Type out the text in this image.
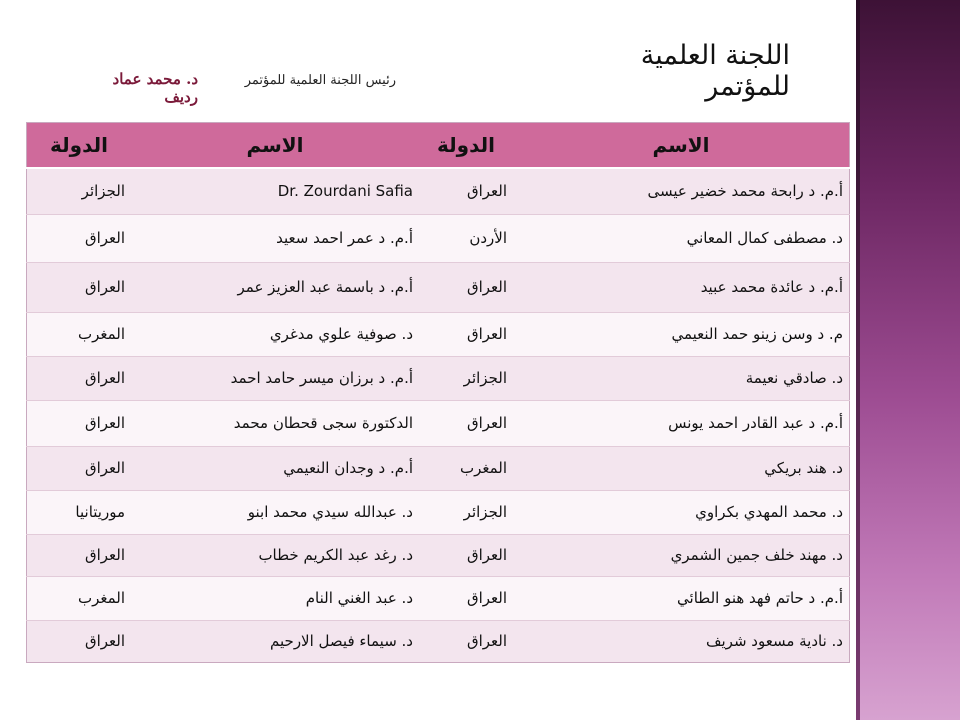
اللجنة العلمية للمؤتمر
رئيس اللجنة العلمية للمؤتمر
د. محمد عماد رديف
الاسم	الدولة	الاسم	الدولة
أ.م. د رابحة محمد خضير عيسى	العراق	Dr. Zourdani Safia	الجزائر
د. مصطفى كمال المعاني	الأردن	أ.م. د عمر احمد سعيد	العراق
أ.م. د عائدة محمد عبيد	العراق	أ.م. د باسمة عبد العزيز عمر	العراق
م. د وسن زينو حمد النعيمي	العراق	د. صوفية علوي مدغري	المغرب
د. صادقي نعيمة	الجزائر	أ.م. د برزان ميسر حامد احمد	العراق
أ.م. د عبد القادر احمد يونس	العراق	الدكتورة سجى قحطان محمد	العراق
د. هند بريكي	المغرب	أ.م. د وجدان النعيمي	العراق
د. محمد المهدي بكراوي	الجزائر	د. عبدالله سيدي محمد ابنو	موريتانيا
د. مهند خلف جمين الشمري	العراق	د. رغد عبد الكريم خطاب	العراق
أ.م. د حاتم فهد هنو الطائي	العراق	د. عبد الغني النام	المغرب
د. نادية مسعود شريف	العراق	د. سيماء فيصل الارحيم	العراق
